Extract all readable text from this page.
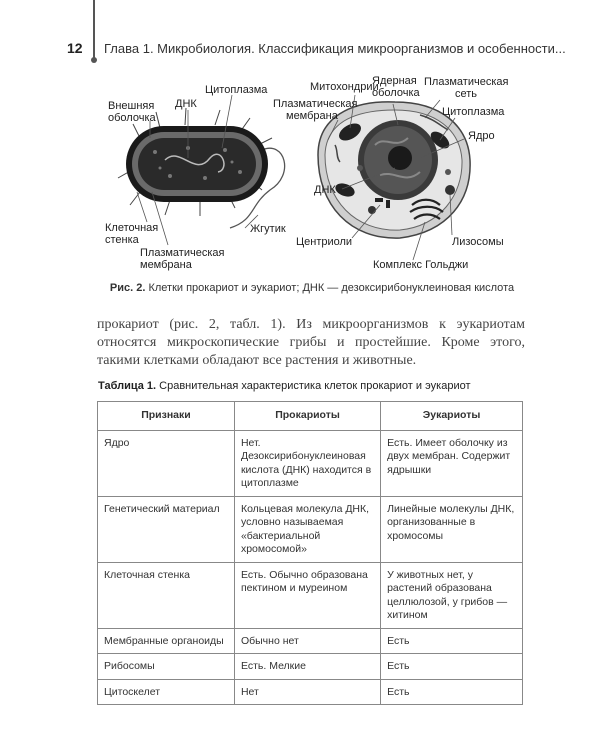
12 Глава 1. Микробиология. Классификация микроорганизмов и особенности...
Внешняя
оболочка
ДНК
Цитоплазма
Клеточная
стенка
Плазматическая
мембрана
Жгутик
Митохондрии
Ядерная
оболочка
Плазматическая
сеть
Плазматическая
мембрана	Цитоплазма
Ядро
ДНК
Центриоли	Лизосомы
Комплекс Гольджи
Рис. 2. Клетки прокариот и эукариот; ДНК — дезоксирибонуклеиновая кислота
прокариот (рис. 2, табл. 1). Из микроорганизмов к эукариотам относятся микроскопические грибы и простейшие. Кроме этого, такими клетками обладают все растения и животные.
Таблица 1. Сравнительная характеристика клеток прокариот и эукариот
Признаки	Прокариоты	Эукариоты
Ядро	Нет. Дезоксирибонуклеиновая кислота (ДНК) находится в цитоплазме	Есть. Имеет оболочку из двух мембран. Содержит ядрышки
Генетический материал	Кольцевая молекула ДНК, условно называемая «бактериальной хромосомой»	Линейные молекулы ДНК, организованные в хромосомы
Клеточная стенка	Есть. Обычно образована пектином и муреином	У животных нет, у растений образована целлюлозой, у грибов — хитином
Мембранные органоиды	Обычно нет	Есть
Рибосомы	Есть. Мелкие	Есть
Цитоскелет	Нет	Есть
